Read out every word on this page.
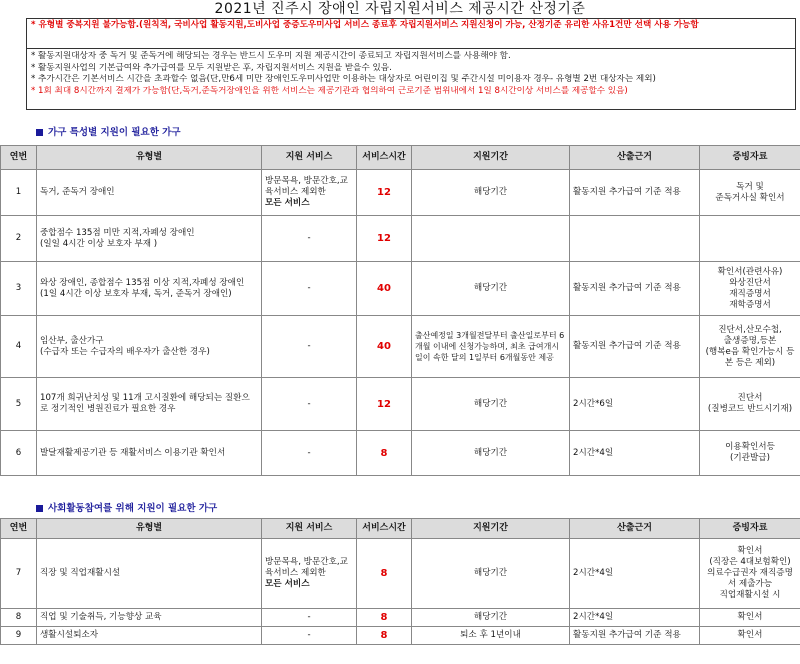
2021년 진주시 장애인 자립지원서비스 제공시간 산정기준
* 유형별 중복지원 불가능함.(원칙적, 국비사업 활동지원,도비사업 중증도우미사업 서비스 종료후 자립지원서비스 지원신청이 가능, 산정기준 유리한 사유1건만 선택 사용 가능함
* 활동지원대상자 중 독거 및 준독거에 해당되는 경우는 반드시 도우미 지원 제공시간이 종료되고 자립지원서비스를 사용해야 함.
* 활동지원사업의 기본급여와 추가급여를 모두 지원받은 후, 자립지원서비스 지원을 받을수 있음.
* 추가시간은 기본서비스 시간을 초과할수 없음(단,만6세 미만 장애인도우미사업만 이용하는 대상자로 어린이집 및 주간시설 미이용자 경우- 유형별 2번 대상자는 제외)
* 1회 최대 8시간까지 결제가 가능함(단,독거,준독거장애인을 위한 서비스는 제공기관과 협의하여 근로기준 범위내에서 1일 8시간이상 서비스를 제공할수 있음)
가구 특성별 지원이 필요한 가구
연번	유형별	지원 서비스	서비스시간	지원기간	산출근거	증빙자료
1	독거, 준독거 장애인	방문목욕, 방문간호,교육서비스 제외한
모든 서비스	12	해당기간	활동지원 추가급여 기준 적용	독거 및
준독거사실 확인서
2	중합점수 135점 미만 지적,자폐성 장애인
(일일 4시간 이상 보호자 부재 )	-	12			
3	와상 장애인, 종합점수 135점 이상 지적,자폐성 장애인
(1일 4시간 이상 보호자 부재, 독거, 준독거 장애인)	-	40	해당기간	활동지원 추가급여 기준 적용	확인서(관련사유)
와상진단서
재직증명서
재학증명서
4	임산부, 출산가구
(수급자 또는 수급자의 배우자가 출산한 경우)	-	40	출산예정일 3개월전달부터 출산일로부터 6개월 이내에 신청가능하며, 최초 급여개시일이 속한 달의 1일부터 6개월동안 제공	활동지원 추가급여 기준 적용	진단서,산모수첩,
출생증명,등본
(행복e음 확인가능시 등본 등은 제외)
5	107개 희귀난치성 및 11개 고시질환에 해당되는 질환으로 정기적인 병원진료가 필요한 경우	-	12	해당기간	2시간*6일	진단서
(질병코드 반드시기재)
6	발달재활제공기관 등 재활서비스 이용기관 확인서	-	8	해당기간	2시간*4일	이용확인서등
(기관발급)
사회활동참여를 위해 지원이 필요한 가구
연번	유형별	지원 서비스	서비스시간	지원기간	산출근거	증빙자료
7	직장 및 직업재활시설	방문목욕, 방문간호,교육서비스 제외한
모든 서비스	8	해당기간	2시간*4일	확인서
(직장은 4대보험확인)
의료수급권자 재직증명서 제출가능
직업재활시설 시
8	직업 및 기술취득, 기능향상 교육	-	8	해당기간	2시간*4일	확인서
9	생활시설퇴소자	-	8	퇴소 후 1년이내	활동지원 추가급여 기준 적용	확인서
